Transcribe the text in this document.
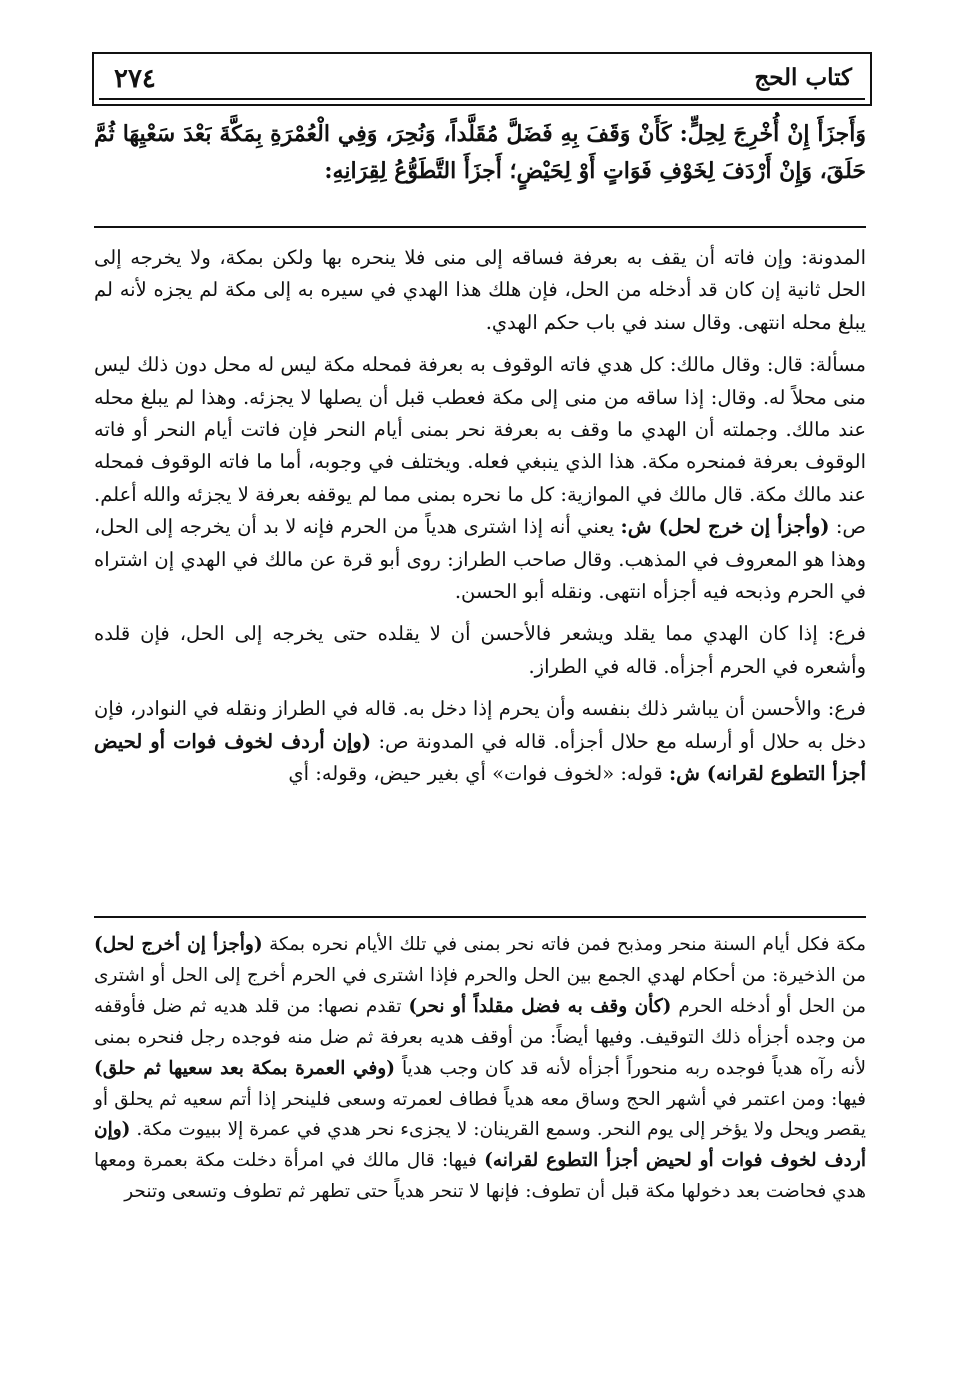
كتاب الحج
٢٧٤
وَأَجزَأَ إِنْ أُخْرِجَ لِحِلٍّ: كَأَنْ وَقَفَ بِهِ فَضَلَّ مُقَلَّداً، وَنُحِرَ، وَفِي الْعُمْرَةِ بِمَكَّةَ بَعْدَ سَعْيِهَا ثُمَّ حَلَقَ، وَإِنْ أَرْدَفَ لِخَوْفِ فَوَاتٍ أَوْ لِحَيْضٍ؛ أَجزَأَ التَّطَوُّعُ لِقِرَانِهِ:

المدونة: وإن فاته أن يقف به بعرفة فساقه إلى منى فلا ينحره بها ولكن بمكة، ولا يخرجه إلى الحل ثانية إن كان قد أدخله من الحل، فإن هلك هذا الهدي في سيره به إلى مكة لم يجزه لأنه لم يبلغ محله انتهى. وقال سند في باب حكم الهدي.

مسألة: قال: وقال مالك: كل هدي فاته الوقوف به بعرفة فمحله مكة ليس له محل دون ذلك ليس منى محلاً له. وقال: إذا ساقه من منى إلى مكة فعطب قبل أن يصلها لا يجزئه. وهذا لم يبلغ محله عند مالك. وجملته أن الهدي ما وقف به بعرفة نحر بمنى أيام النحر فإن فاتت أيام النحر أو فاته الوقوف بعرفة فمنحره مكة. هذا الذي ينبغي فعله. ويختلف في وجوبه، أما ما فاته الوقوف فمحله عند مالك مكة. قال مالك في الموازية: كل ما نحره بمنى مما لم يوقفه بعرفة لا يجزئه والله أعلم. ص: (وأجزأ إن خرج لحل) ش: يعني أنه إذا اشترى هدياً من الحرم فإنه لا بد أن يخرجه إلى الحل، وهذا هو المعروف في المذهب. وقال صاحب الطراز: روى أبو قرة عن مالك في الهدي إن اشتراه في الحرم وذبحه فيه أجزأه انتهى. ونقله أبو الحسن.

فرع: إذا كان الهدي مما يقلد ويشعر فالأحسن أن لا يقلده حتى يخرجه إلى الحل، فإن قلده وأشعره في الحرم أجزأه. قاله في الطراز.

فرع: والأحسن أن يباشر ذلك بنفسه وأن يحرم إذا دخل به. قاله في الطراز ونقله في النوادر، فإن دخل به حلال أو أرسله مع حلال أجزأه. قاله في المدونة ص: (وإن أردف لخوف فوات أو لحيض أجزأ التطوع لقرانه) ش: قوله: «لخوف فوات» أي بغير حيض، وقوله: أي

مكة فكل أيام السنة منحر ومذبح فمن فاته نحر بمنى في تلك الأيام نحره بمكة (وأجزأ إن أخرج لحل) من الذخيرة: من أحكام لهدي الجمع بين الحل والحرم فإذا اشترى في الحرم أخرج إلى الحل أو اشترى من الحل أو أدخله الحرم (كأن وقف به فضل مقلداً أو نحر) تقدم نصها: من قلد هديه ثم ضل فأوقفه من وجده أجزأه ذلك التوقيف. وفيها أيضاً: من أوقف هديه بعرفة ثم ضل منه فوجده رجل فنحره بمنى لأنه رآه هدياً فوجده ربه منحوراً أجزأه لأنه قد كان وجب هدياً (وفي العمرة بمكة بعد سعيها ثم حلق) فيها: ومن اعتمر في أشهر الحج وساق معه هدياً فطاف لعمرته وسعى فلينحر إذا أتم سعيه ثم يحلق أو يقصر ويحل ولا يؤخر إلى يوم النحر. وسمع القرينان: لا يجزىء نحر هدي في عمرة إلا ببيوت مكة. (وإن أردف لخوف فوات أو لحيض أجزأ التطوع لقرانه) فيها: قال مالك في امرأة دخلت مكة بعمرة ومعها هدي فحاضت بعد دخولها مكة قبل أن تطوف: فإنها لا تنحر هدياً حتى تطهر ثم تطوف وتسعى وتنحر
